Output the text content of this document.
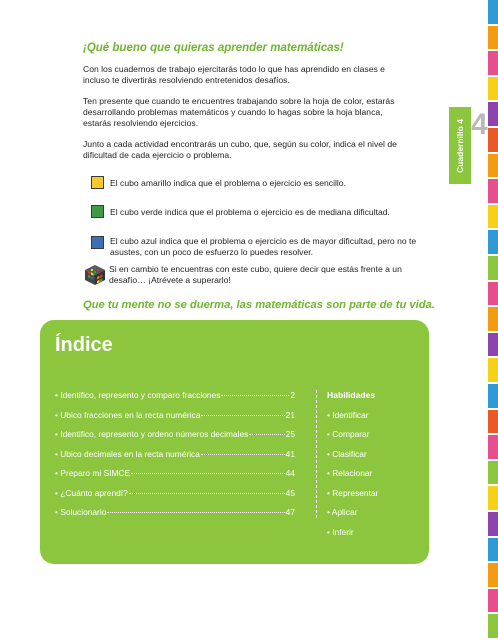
¡Qué bueno que quieras aprender matemáticas!

Con los cuadernos de trabajo ejercitarás todo lo que has aprendido en clases e incluso te divertirás resolviendo entretenidos desafíos.

Ten presente que cuando te encuentres trabajando sobre la hoja de color, estarás desarrollando problemas matemáticos y cuando lo hagas sobre la hoja blanca, estarás resolviendo ejercicios.

Junto a cada actividad encontrarás un cubo, que, según su color, indica el nivel de dificultad de cada ejercicio o problema.

El cubo amarillo indica que el problema o ejercicio es sencillo.
El cubo verde indica que el problema o ejercicio es de mediana dificultad.
El cubo azul indica que el problema o ejercicio es de mayor dificultad, pero no te asustes, con un poco de esfuerzo lo puedes resolver.
Si en cambio te encuentras con este cubo, quiere decir que estás frente a un desafío… ¡Atrévete a superarlo!
Que tu mente no se duerma, las matemáticas son parte de tu vida.
Índice
• Identifico, represento y comparo fracciones	2
• Ubico fracciones en la recta numérica	21
• Identifico, represento y ordeno números decimales	25
• Ubico decimales en la recta numérica	41
• Preparo mi SIMCE	44
• ¿Cuánto aprendí?	45
• Solucionario	47
Habilidades
• Identificar
• Comparar
• Clasificar
• Relacionar
• Representar
• Aplicar
• Inferir
Cuadernillo 4 4
